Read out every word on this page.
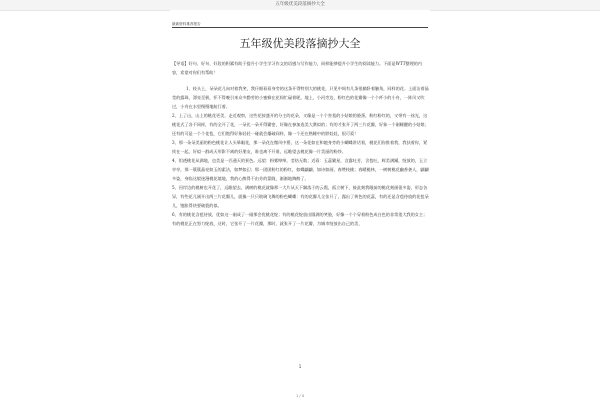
五年级优美段落摘抄大全
最新资料推荐报告
五年级优美段落摘抄大全

【导语】好句、好句、好段的积累有助于提升小学生学习作文的语感与写作能力，同样能够提升小学生的阅读能力。下面是WTT整理的内容，希望对你们有帮助！

1、枝头上，朵朵花儿向对着我笑，我仔细看看身旁的这条开得特别大的桃花，只见中间有几条很躺卧着触角，同样的花。上面沾着晶莹的露珠，漂亮至极，怀不得晚引来众多勤劳的小蜜蜂在花间忙碌着呢，地上，小河旁边，粉红色的花瓣像一个个纤小的小舟，一阵风又吹过，小舟在水里慢慢地航行着。

2、上了山，山上的桃花更美，走近观察，这些花按盛开的分主的花朵，又像是一个个害羞的小姑娘的脸蛋，粉红粉红的，又带有一丝光，这桃花式了各不同样，有的全开了花，一朵比一朵开得繁密，好像在参加选美大赛似的；有的才张开了两三片花瓣，好象一个刚睡醒的小姑娘；还有的可是一个个花苞，它们饱得好象轻轻一碰就会爆破同样，像一个还在熟睡中的胖娃娃，很可爱！

3、那一朵朵美丽的粉色桃花让人头晕眼花，那一朵花在微风中摇，这一朵花如在和她身旁的小蝴蝶讲话着，桃花们你推着我，我扶着你，紧挨在一起，好似一群成天形影不离的好朋友，谁也离不开谁，远瞻望去桃花像一片美丽的粉纱。

4、铝透桃花从满地，也美是一匹通天的景色。远望：粉雾绰绰，莹结无数；近看：玉蕊繁星，含露吐芳，含苞吐，辉美满踊，绽放的，玉立亭亭，那一簇簇晶亮如玉的素洁，如梦如幻；那一团团粉红的粉红，如蝶翩翩，如诗如画，春赞枝桃；春暖桃林，一树树桃花幽香袭人，翩翩多姿，身临这般迷漫桃花境地，我的心醉得不由芳的蒙眬，渐渐地陶醉了。

5、河岸边的桃树也开花了，远瞻望去，满树的桃花就像那一大片从天下飘落于的云霞，孤立树下，鼓此刻我眼前的桃花刻画很多姿，形态各异，有些花儿刚开出两三片花瓣儿，就像一只只玻璃飞舞的粉色蝴蝶：有的花瓣儿全张开了，露出了黄色的花蕊，有的还是含苞待放的花苞朵儿，饱胀得快要破裂的似。

6、有的桃花含苞待放，优如这一刚成了一刚那会优桃花绽；有的桃花绽放出圆满的笑脸，好像一个个穿着粉色成白色的非常羞大我的女主；有的桃花正在努力绽放，这时，它张开了一片花瓣，那时，就张开了一片花瓣，为城市绽放出自己的美，

1
1 / 4
